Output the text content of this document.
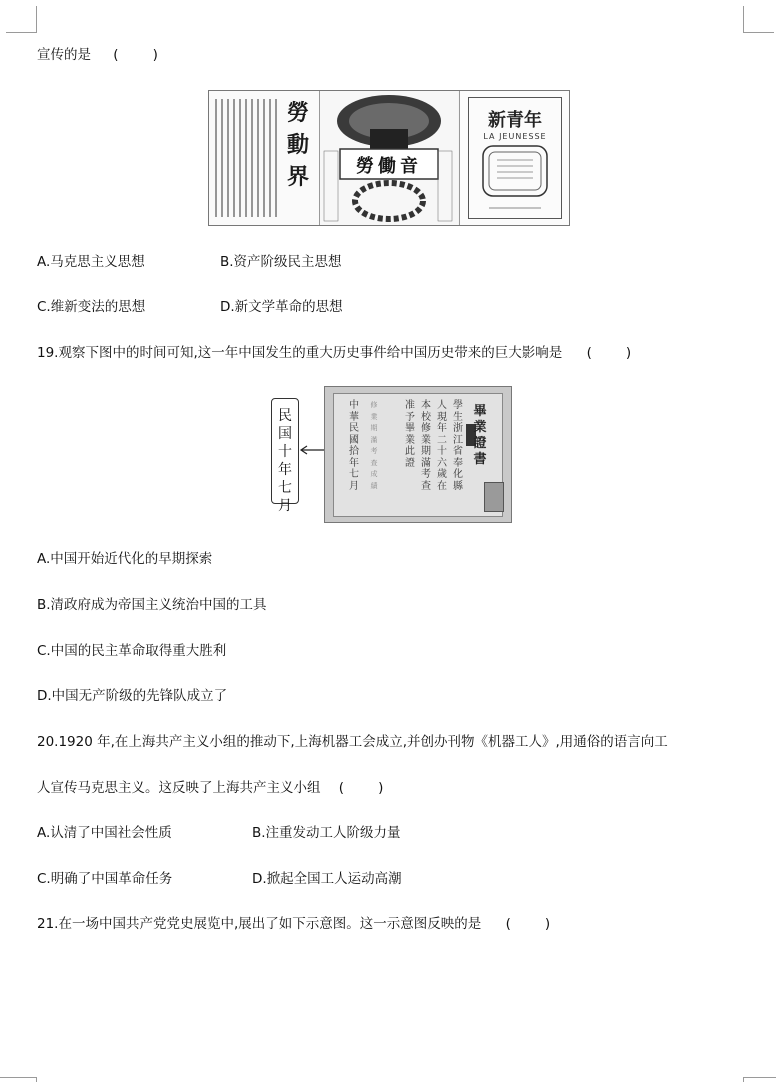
宣传的是 (	)
勞
動
界	勞働音
新青年
LA JEUNESSE
A.马克思主义思想	B.资产阶级民主思想
C.维新变法的思想	D.新文学革命的思想
19.观察下图中的时间可知,这一年中国发生的重大历史事件给中国历史带来的巨大影响是 (	)
民
国
十
年
七
月
中
華
民
國
拾
年
七
月
修
業
期
滿
考
查
成
績
准
予
畢
業
此
證
本
校
修
業
期
滿
考
查
人
現
年
二
十
六
歲
在
學
生
浙
江
省
奉
化
縣
畢
業
證
書
A.中国开始近代化的早期探索
B.清政府成为帝国主义统治中国的工具
C.中国的民主革命取得重大胜利
D.中国无产阶级的先锋队成立了
20.1920 年,在上海共产主义小组的推动下,上海机器工会成立,并创办刊物《机器工人》,用通俗的语言向工
人宣传马克思主义。这反映了上海共产主义小组 (	)
A.认清了中国社会性质	B.注重发动工人阶级力量
C.明确了中国革命任务	D.掀起全国工人运动高潮
21.在一场中国共产党党史展览中,展出了如下示意图。这一示意图反映的是 (	)
